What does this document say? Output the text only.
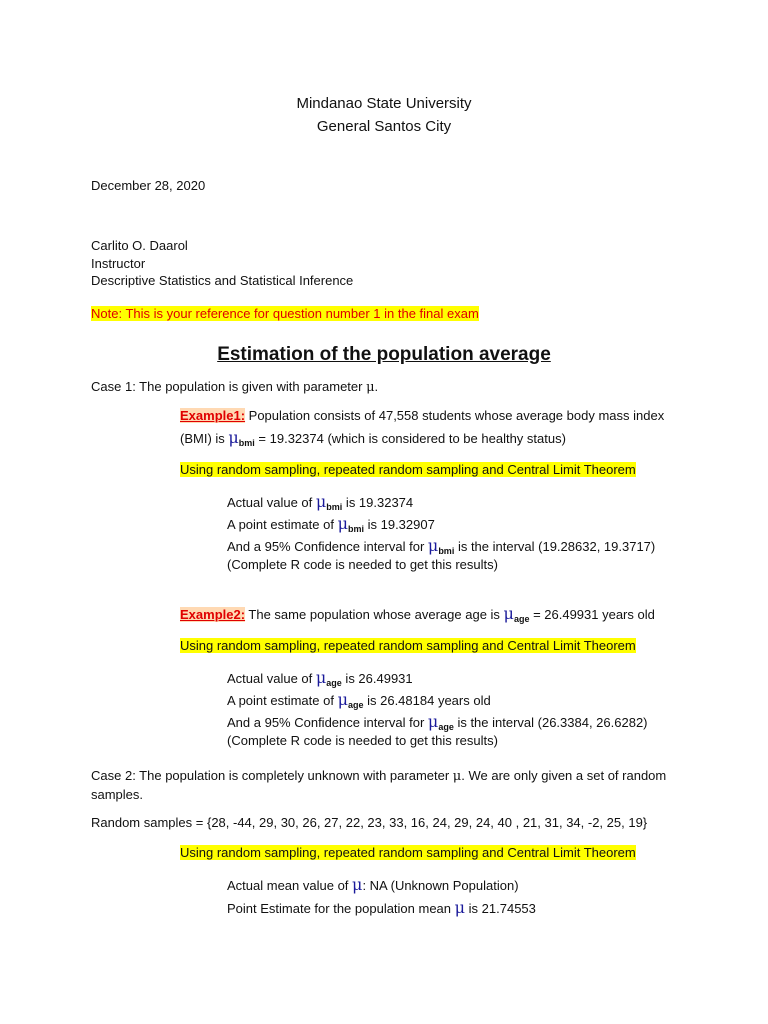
Mindanao State University
General Santos City
December 28, 2020
Carlito O. Daarol
Instructor
Descriptive Statistics and Statistical Inference
Note: This is your reference for question number 1 in the final exam
Estimation of the population average
Case 1: The population is given with parameter μ.
Example1: Population consists of 47,558 students whose average body mass index
(BMI) is $\mu_{bmi} = 19.32374$ (which is considered to be healthy status)
Using random sampling, repeated random sampling and Central Limit Theorem
Actual value of $\mu_{bmi}$ is 19.32374
A point estimate of $\mu_{bmi}$ is 19.32907
And a 95% Confidence interval for $\mu_{bmi}$ is the interval (19.28632, 19.3717)
(Complete R code is needed to get this results)
Example2: The same population whose average age is $\mu_{age} = 26.49931$ years old
Using random sampling, repeated random sampling and Central Limit Theorem
Actual value of $\mu_{age}$ is 26.49931
A point estimate of $\mu_{age}$ is 26.48184 years old
And a 95% Confidence interval for $\mu_{age}$ is the interval (26.3384, 26.6282)
(Complete R code is needed to get this results)
Case 2: The population is completely unknown with parameter μ. We are only given a set of random
samples.
Random samples = {28, -44, 29, 30, 26, 27, 22, 23, 33, 16, 24, 29, 24, 40 , 21, 31, 34, -2, 25, 19}
Using random sampling, repeated random sampling and Central Limit Theorem
Actual mean value of μ: NA (Unknown Population)
Point Estimate for the population mean μ is 21.74553
